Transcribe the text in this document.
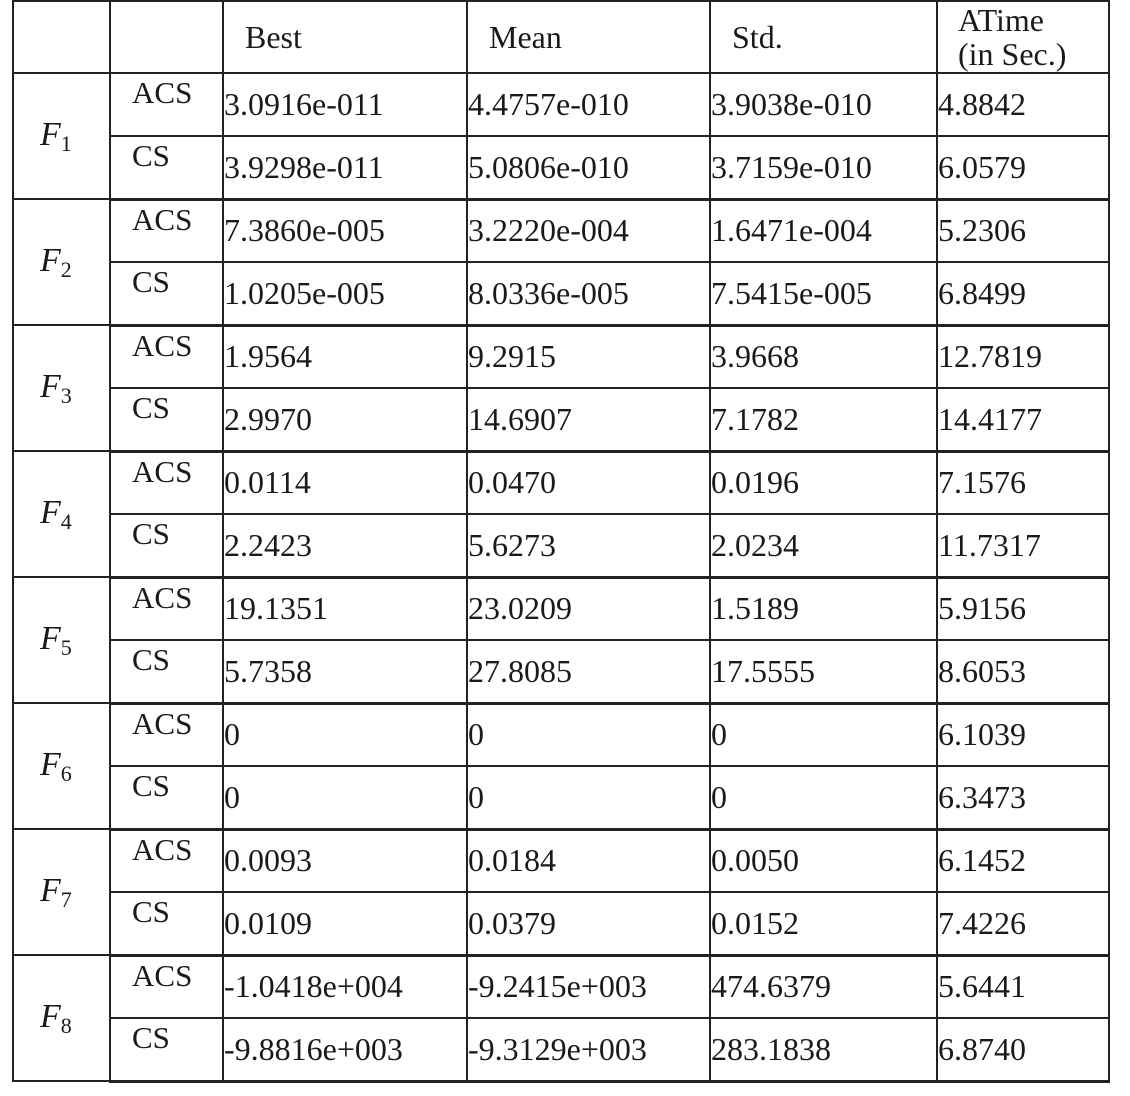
		Best	Mean	Std.	ATime
(in Sec.)
$F_1$	ACS	3.0916e-011	4.4757e-010	3.9038e-010	4.8842
	CS	3.9298e-011	5.0806e-010	3.7159e-010	6.0579
$F_2$	ACS	7.3860e-005	3.2220e-004	1.6471e-004	5.2306
	CS	1.0205e-005	8.0336e-005	7.5415e-005	6.8499
$F_3$	ACS	1.9564	9.2915	3.9668	12.7819
	CS	2.9970	14.6907	7.1782	14.4177
$F_4$	ACS	0.0114	0.0470	0.0196	7.1576
	CS	2.2423	5.6273	2.0234	11.7317
$F_5$	ACS	19.1351	23.0209	1.5189	5.9156
	CS	5.7358	27.8085	17.5555	8.6053
$F_6$	ACS	0	0	0	6.1039
	CS	0	0	0	6.3473
$F_7$	ACS	0.0093	0.0184	0.0050	6.1452
	CS	0.0109	0.0379	0.0152	7.4226
$F_8$	ACS	-1.0418e+004	-9.2415e+003	474.6379	5.6441
	CS	-9.8816e+003	-9.3129e+003	283.1838	6.8740
